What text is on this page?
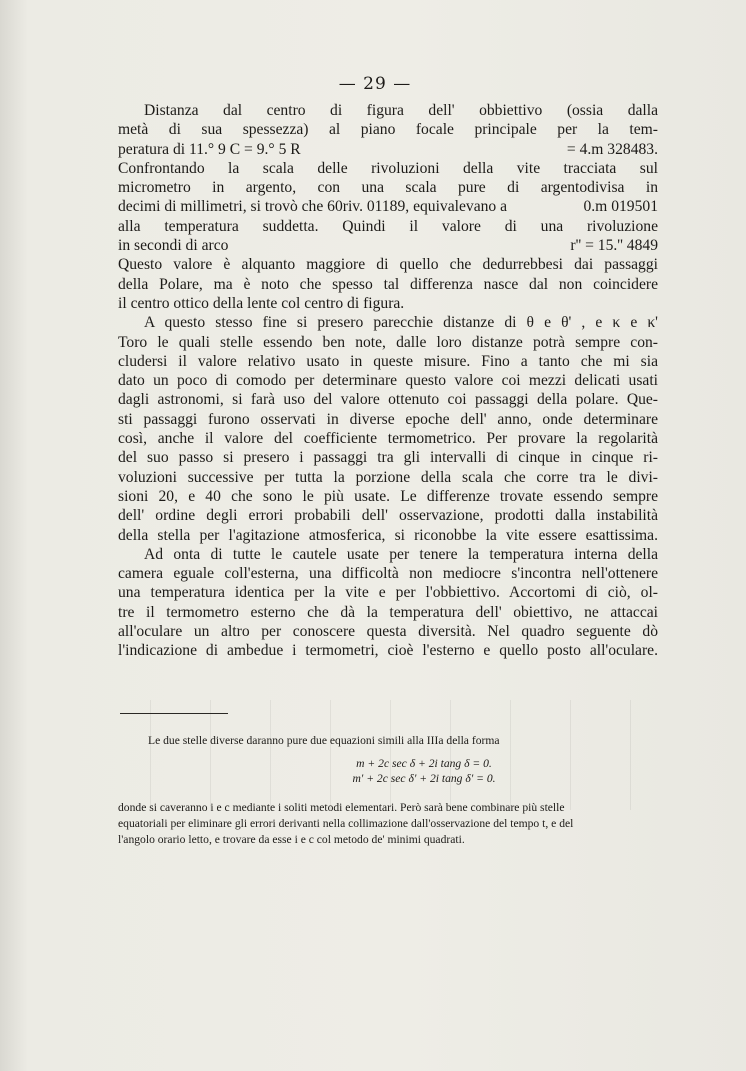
— 29 —
Distanza dal centro di figura dell' obbiettivo (ossia dalla
metà di sua spessezza) al piano focale principale per la tem-
peratura di 11.° 9 C = 9.° 5 R	= 4.m 328483.
Confrontando la scala delle rivoluzioni della vite tracciata sul
micrometro in argento, con una scala pure di argentodivisa in
decimi di millimetri, si trovò che 60riv. 01189, equivalevano a	0.m 019501
alla temperatura suddetta. Quindi il valore di una rivoluzione
in secondi di arco	r'' = 15.'' 4849
Questo valore è alquanto maggiore di quello che dedurrebbesi dai passaggi
della Polare, ma è noto che spesso tal differenza nasce dal non coincidere
il centro ottico della lente col centro di figura.
A questo stesso fine si presero parecchie distanze di θ e θ' , e κ e κ'
Toro le quali stelle essendo ben note, dalle loro distanze potrà sempre con-
cludersi il valore relativo usato in queste misure. Fino a tanto che mi sia
dato un poco di comodo per determinare questo valore coi mezzi delicati usati
dagli astronomi, si farà uso del valore ottenuto coi passaggi della polare. Que-
sti passaggi furono osservati in diverse epoche dell' anno, onde determinare
così, anche il valore del coefficiente termometrico. Per provare la regolarità
del suo passo si presero i passaggi tra gli intervalli di cinque in cinque ri-
voluzioni successive per tutta la porzione della scala che corre tra le divi-
sioni 20, e 40 che sono le più usate. Le differenze trovate essendo sempre
dell' ordine degli errori probabili dell' osservazione, prodotti dalla instabilità
della stella per l'agitazione atmosferica, si riconobbe la vite essere esattissima.
Ad onta di tutte le cautele usate per tenere la temperatura interna della
camera eguale coll'esterna, una difficoltà non mediocre s'incontra nell'ottenere
una temperatura identica per la vite e per l'obbiettivo. Accortomi di ciò, ol-
tre il termometro esterno che dà la temperatura dell' obiettivo, ne attaccai
all'oculare un altro per conoscere questa diversità. Nel quadro seguente dò
l'indicazione di ambedue i termometri, cioè l'esterno e quello posto all'oculare.
Le due stelle diverse daranno pure due equazioni simili alla IIIa della forma
m + 2c sec δ + 2i tang δ = 0.
m' + 2c sec δ' + 2i tang δ' = 0.
donde si caveranno i e c mediante i soliti metodi elementari. Però sarà bene combinare più stelle
equatoriali per eliminare gli errori derivanti nella collimazione dall'osservazione del tempo t, e del
l'angolo orario letto, e trovare da esse i e c col metodo de' minimi quadrati.
